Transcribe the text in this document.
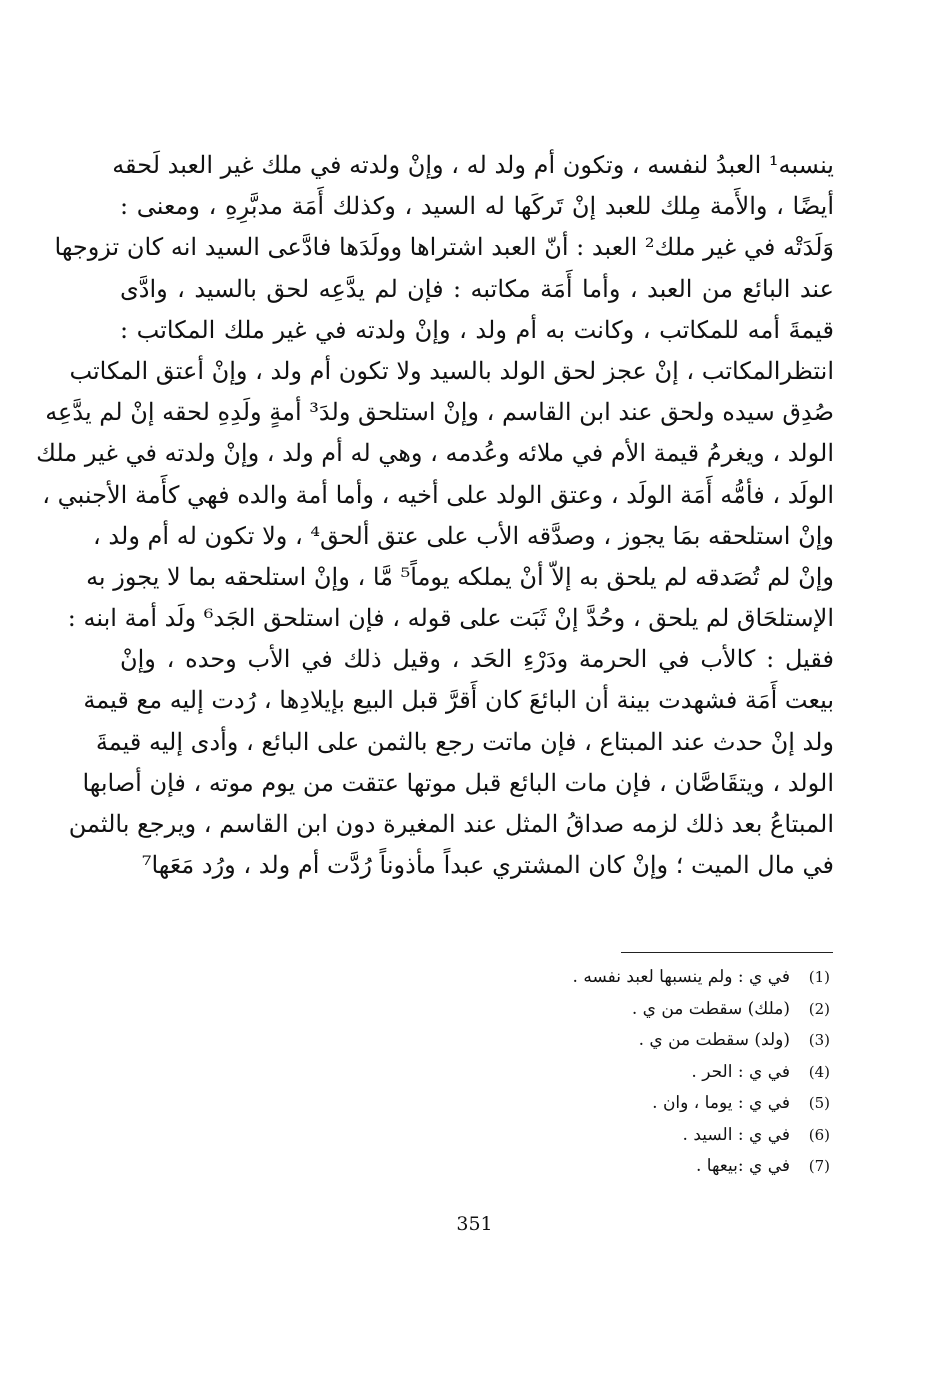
ينسبه¹ العبدُ لنفسه ، وتكون أم ولد له ، وإنْ ولدته في ملك غير العبد لَحقه
أيضًا ، والأَمة مِلك للعبد إنْ تَركَها له السيد ، وكذلك أَمَة مدبَّرِهِ ، ومعنى :
وَلَدَتْه في غير ملك² العبد : أنّ العبد اشتراها وولَدَها فادَّعى السيد انه كان تزوجها
عند البائع من العبد ، وأما أَمَة مكاتبه : فإن لم يدَّعِه لحق بالسيد ، وادَّى
قيمةَ أمه للمكاتب ، وكانت به أم ولد ، وإنْ ولدته في غير ملك المكاتب :
انتظرالمكاتب ، إنْ عجز لحق الولد بالسيد ولا تكون أم ولد ، وإنْ أعتق المكاتب
صُدِق سيده ولحق عند ابن القاسم ، وإنْ استلحق ولدَ³ أمةٍ ولَدِهِ لحقه إنْ لم يدَّعِه
الولد ، ويغرمُ قيمة الأم في ملائه وعُدمه ، وهي له أم ولد ، وإنْ ولدته في غير ملك
الولَد ، فأمُّه أَمَة الولَد ، وعتق الولد على أخيه ، وأما أمة والده فهي كأَمة الأجنبي ،
وإنْ استلحقه بمَا يجوز ، وصدَّقه الأب على عتق ألحق⁴ ، ولا تكون له أم ولد ،
وإنْ لم تُصَدقه لم يلحق به إلاّ أنْ يملكه يوماً⁵ مَّا ، وإنْ استلحقه بما لا يجوز به
الإستلحَاق لم يلحق ، وحُدَّ إنْ ثَبَت على قوله ، فإن استلحق الجَد⁶ ولَد أمة ابنه :
فقيل : كالأب في الحرمة ودَرْءِ الحَد ، وقيل ذلك في الأب وحده ، وإنْ
بيعت أَمَة فشهدت بينة أن البائعَ كان أَقرَّ قبل البيع بإيلادِها ، رُدت إليه مع قيمة
ولد إنْ حدث عند المبتاع ، فإن ماتت رجع بالثمن على البائع ، وأدى إليه قيمةَ
الولد ، ويتقَاصَّان ، فإن مات البائع قبل موتها عتقت من يوم موته ، فإن أصابها
المبتاعُ بعد ذلك لزمه صداقُ المثل عند المغيرة دون ابن القاسم ، ويرجع بالثمن
في مال الميت ؛ وإنْ كان المشتري عبداً مأذوناً رُدَّت أم ولد ، ورُد مَعَها⁷
(1)
في ي : ولم ينسبها لعبد نفسه .
(2)
(ملك) سقطت من ي .
(3)
(ولد) سقطت من ي .
(4)
في ي : الحر .
(5)
في ي : يوما ، وان .
(6)
في ي : السيد .
(7)
في ي :بيعها .
351
